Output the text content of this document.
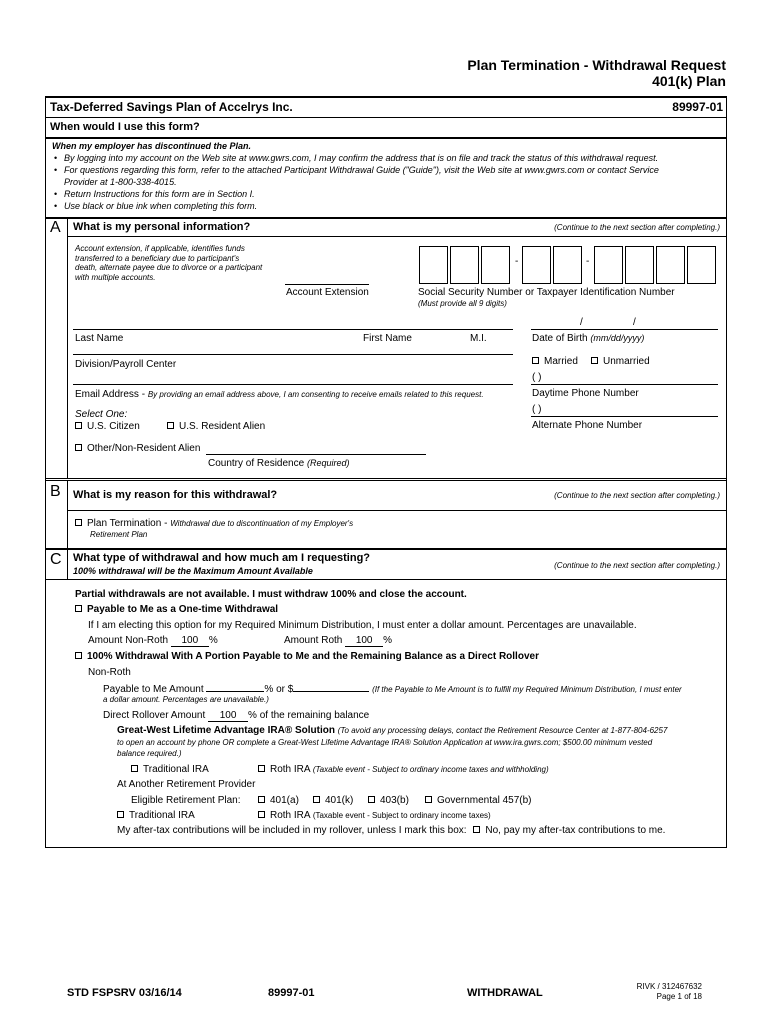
Plan Termination - Withdrawal Request
401(k) Plan
Tax-Deferred Savings Plan of Accelrys Inc.	89997-01
When would I use this form?
When my employer has discontinued the Plan.
• By logging into my account on the Web site at www.gwrs.com, I may confirm the address that is on file and track the status of this withdrawal request.
• For questions regarding this form, refer to the attached Participant Withdrawal Guide ("Guide"), visit the Web site at www.gwrs.com or contact Service
Provider at 1-800-338-4015.
• Return Instructions for this form are in Section I.
• Use black or blue ink when completing this form.
A What is my personal information?	(Continue to the next section after completing.)
Account extension, if applicable, identifies funds
transferred to a beneficiary due to participant's
death, alternate payee due to divorce or a participant
with multiple accounts.
Account Extension
-	-
Social Security Number or Taxpayer Identification Number
(Must provide all 9 digits)
/	/
Last Name	First Name	M.I.	Date of Birth (mm/dd/yyyy)
Division/Payroll Center	Married	Unmarried
( )
Email Address - By providing an email address above, I am consenting to receive emails related to this request.	Daytime Phone Number
( )
Alternate Phone Number
Select One:
U.S. Citizen	U.S. Resident Alien
Other/Non-Resident Alien
Country of Residence (Required)
B What is my reason for this withdrawal?	(Continue to the next section after completing.)
Plan Termination - Withdrawal due to discontinuation of my Employer's
Retirement Plan
C What type of withdrawal and how much am I requesting?
100% withdrawal will be the Maximum Amount Available
(Continue to the next section after completing.)
Partial withdrawals are not available. I must withdraw 100% and close the account.
Payable to Me as a One-time Withdrawal
If I am electing this option for my Required Minimum Distribution, I must enter a dollar amount. Percentages are unavailable.
Amount Non-Roth 100 %	Amount Roth 100 %
100% Withdrawal With A Portion Payable to Me and the Remaining Balance as a Direct Rollover
Non-Roth
Payable to Me Amount	% or $	(If the Payable to Me Amount is to fulfill my Required Minimum Distribution, I must enter
a dollar amount. Percentages are unavailable.)
Direct Rollover Amount 100 % of the remaining balance
Great-West Lifetime Advantage IRA® Solution (To avoid any processing delays, contact the Retirement Resource Center at 1-877-804-6257
to open an account by phone OR complete a Great-West Lifetime Advantage IRA® Solution Application at www.ira.gwrs.com; $500.00 minimum vested
balance required.)
Traditional IRA	Roth IRA (Taxable event - Subject to ordinary income taxes and withholding)
At Another Retirement Provider
Eligible Retirement Plan:	401(a)	401(k)	403(b)	Governmental 457(b)
Traditional IRA	Roth IRA (Taxable event - Subject to ordinary income taxes)
My after-tax contributions will be included in my rollover, unless I mark this box: No, pay my after-tax contributions to me.
STD FSPSRV 03/16/14	89997-01	WITHDRAWAL
RIVK / 312467632
Page 1 of 18
